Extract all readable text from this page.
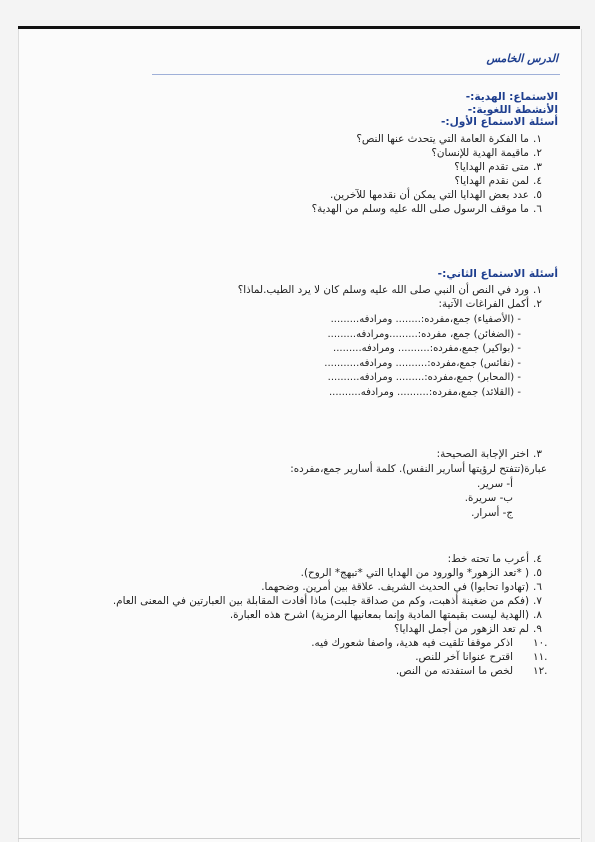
الدرس الخامس
الاستماع: الهدية:-
الأنشطة اللغوية:-
أسئلة الاستماع الأول:-
١.
ما الفكرة العامة التي يتحدث عنها النص؟
٢.
ماقيمة الهدية للإنسان؟
٣.
متى تقدم الهدايا؟
٤.
لمن نقدم الهدايا؟
٥.
عدد بعض الهدايا التي يمكن أن نقدمها للآخرين.
٦.
ما موقف الرسول صلى الله عليه وسلم من الهدية؟
أسئلة الاستماع الثاني:-
١.
ورد في النص أن النبي صلى الله عليه وسلم كان لا يرد الطيب.لماذا؟
٢.
أكمل الفراغات الآتية:
- (الأصفياء) جمع،مفرده:........ ومرادفه.........
- (الضغائن) جمع، مفرده:.........ومرادفه.........
- (بواكير) جمع،مفرده:.......... ومرادفه.........
- (نفائس) جمع،مفرده:.......... ومرادفه...........
- (المحابر) جمع،مفرده:......... ومرادفه..........
- (القلائد) جمع،مفرده:.......... ومرادفه..........
٣.
اختر الإجابة الصحيحة:
عبارة(تتفتح لرؤيتها أسارير النفس). كلمة أسارير جمع،مفرده:
أ- سرير.
ب- سريرة.
ج- أسرار.
٤.
أعرب ما تحته خط:
٥.
( *تعد الزهور* والورود من الهدايا التي *تبهج* الروح).
٦.
(تهادوا تحابوا) في الحديث الشريف. علاقة بين أمرين. وضحهما.
٧.
(فكم من ضغينة أذهبت، وكم من صداقة جلبت) ماذا أفادت المقابلة بين العبارتين في المعنى العام.
٨.
(الهدية ليست بقيمتها المادية وإنما بمعانيها الرمزية) اشرح هذه العبارة.
٩.
لم تعد الزهور من أجمل الهدايا؟
.١٠
اذكر موقفا تلقيت فيه هدية، واصفا شعورك فيه.
.١١
اقترح عنوانا آخر للنص.
.١٢
لخص ما استفدته من النص.
